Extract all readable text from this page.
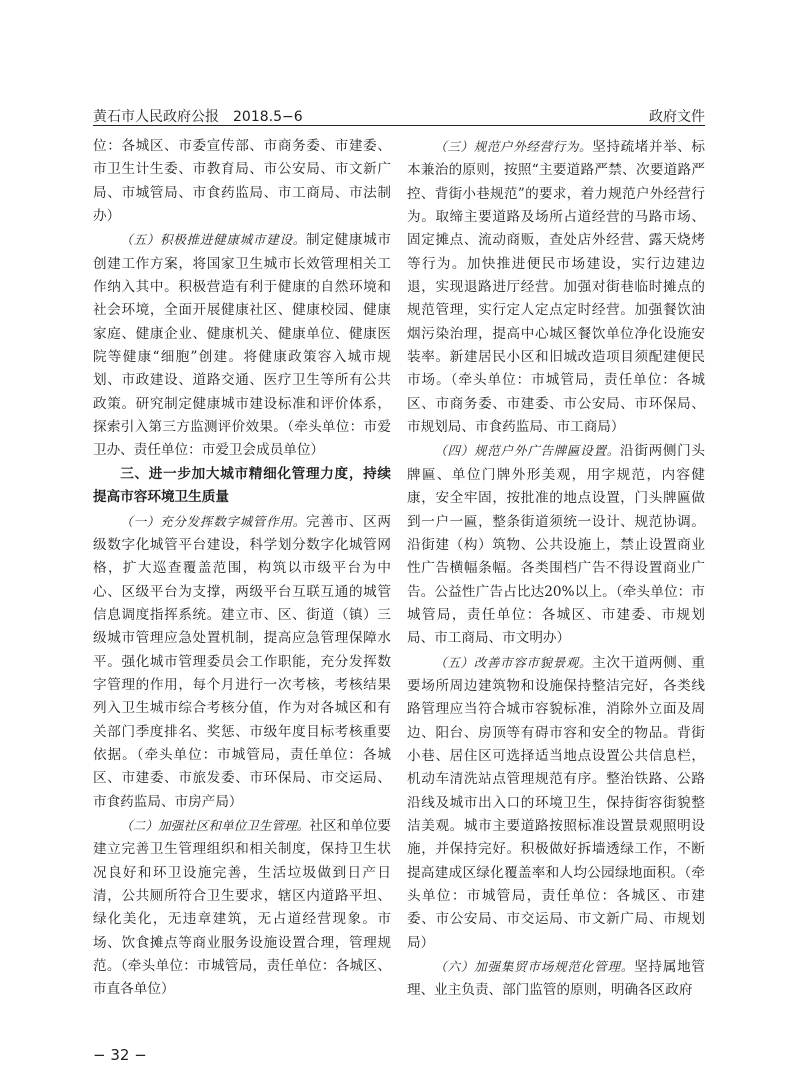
黄石市人民政府公报　2018.5−6	政府文件

位：各城区、市委宣传部、市商务委、市建委、市卫生计生委、市教育局、市公安局、市文新广局、市城管局、市食药监局、市工商局、市法制办）

（五）积极推进健康城市建设。制定健康城市创建工作方案，将国家卫生城市长效管理相关工作纳入其中。积极营造有利于健康的自然环境和社会环境，全面开展健康社区、健康校园、健康家庭、健康企业、健康机关、健康单位、健康医院等健康“细胞”创建。将健康政策容入城市规划、市政建设、道路交通、医疗卫生等所有公共政策。研究制定健康城市建设标准和评价体系，探索引入第三方监测评价效果。（牵头单位：市爱卫办、责任单位：市爱卫会成员单位）

三、进一步加大城市精细化管理力度，持续提高市容环境卫生质量

（一）充分发挥数字城管作用。完善市、区两级数字化城管平台建设，科学划分数字化城管网格，扩大巡查覆盖范围，构筑以市级平台为中心、区级平台为支撑，两级平台互联互通的城管信息调度指挥系统。建立市、区、街道（镇）三级城市管理应急处置机制，提高应急管理保障水平。强化城市管理委员会工作职能，充分发挥数字管理的作用，每个月进行一次考核，考核结果列入卫生城市综合考核分值，作为对各城区和有关部门季度排名、奖惩、市级年度目标考核重要依据。（牵头单位：市城管局，责任单位：各城区、市建委、市旅发委、市环保局、市交运局、市食药监局、市房产局）

（二）加强社区和单位卫生管理。社区和单位要建立完善卫生管理组织和相关制度，保持卫生状况良好和环卫设施完善，生活垃圾做到日产日清，公共厕所符合卫生要求，辖区内道路平坦、绿化美化，无违章建筑，无占道经营现象。市场、饮食摊点等商业服务设施设置合理，管理规范。（牵头单位：市城管局，责任单位：各城区、市直各单位）

（三）规范户外经营行为。坚持疏堵并举、标本兼治的原则，按照“主要道路严禁、次要道路严控、背街小巷规范”的要求，着力规范户外经营行为。取缔主要道路及场所占道经营的马路市场、固定摊点、流动商贩，查处店外经营、露天烧烤等行为。加快推进便民市场建设，实行边建边退，实现退路进厅经营。加强对街巷临时摊点的规范管理，实行定人定点定时经营。加强餐饮油烟污染治理，提高中心城区餐饮单位净化设施安装率。新建居民小区和旧城改造项目须配建便民市场。（牵头单位：市城管局，责任单位：各城区、市商务委、市建委、市公安局、市环保局、市规划局、市食药监局、市工商局）

（四）规范户外广告牌匾设置。沿街两侧门头牌匾、单位门牌外形美观，用字规范，内容健康，安全牢固，按批准的地点设置，门头牌匾做到一户一匾，整条街道须统一设计、规范协调。沿街建（构）筑物、公共设施上，禁止设置商业性广告横幅条幅。各类围档广告不得设置商业广告。公益性广告占比达20%以上。（牵头单位：市城管局，责任单位：各城区、市建委、市规划局、市工商局、市文明办）

（五）改善市容市貌景观。主次干道两侧、重要场所周边建筑物和设施保持整洁完好，各类线路管理应当符合城市容貌标准，消除外立面及周边、阳台、房顶等有碍市容和安全的物品。背街小巷、居住区可选择适当地点设置公共信息栏，机动车清洗站点管理规范有序。整治铁路、公路沿线及城市出入口的环境卫生，保持街容街貌整洁美观。城市主要道路按照标准设置景观照明设施，并保持完好。积极做好拆墙透绿工作，不断提高建成区绿化覆盖率和人均公园绿地面积。（牵头单位：市城管局，责任单位：各城区、市建委、市公安局、市交运局、市文新广局、市规划局）

（六）加强集贸市场规范化管理。坚持属地管理、业主负责、部门监管的原则，明确各区政府

− 32 −
